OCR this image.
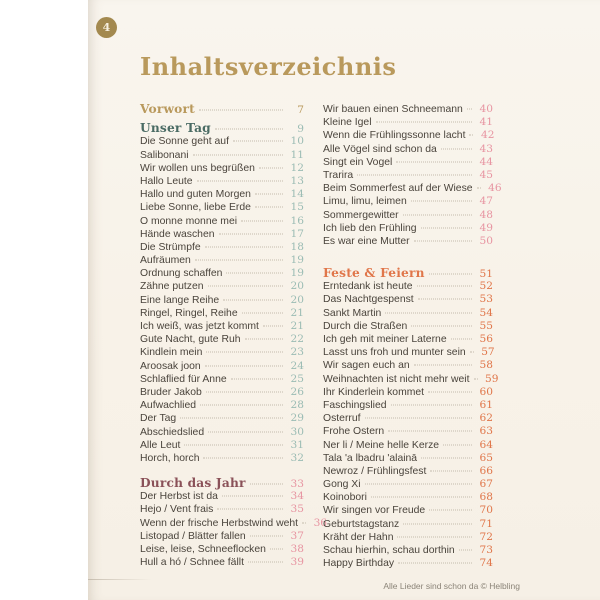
4
Inhaltsverzeichnis
Vorwort	7
Unser Tag	9
Die Sonne geht auf	10
Salibonani	11
Wir wollen uns begrüßen	12
Hallo Leute	13
Hallo und guten Morgen	14
Liebe Sonne, liebe Erde	15
O monne monne mei	16
Hände waschen	17
Die Strümpfe	18
Aufräumen	19
Ordnung schaffen	19
Zähne putzen	20
Eine lange Reihe	20
Ringel, Ringel, Reihe	21
Ich weiß, was jetzt kommt	21
Gute Nacht, gute Ruh	22
Kindlein mein	23
Aroosak joon	24
Schlaflied für Anne	25
Bruder Jakob	26
Aufwachlied	28
Der Tag	29
Abschiedslied	30
Alle Leut	31
Horch, horch	32
Durch das Jahr	33
Der Herbst ist da	34
Hejo / Vent frais	35
Wenn der frische Herbstwind weht	36
Listopad / Blätter fallen	37
Leise, leise, Schneeflocken	38
Hull a hó / Schnee fällt	39
Wir bauen einen Schneemann	40
Kleine Igel	41
Wenn die Frühlingssonne lacht	42
Alle Vögel sind schon da	43
Singt ein Vogel	44
Trarira	45
Beim Sommerfest auf der Wiese	46
Limu, limu, leimen	47
Sommergewitter	48
Ich lieb den Frühling	49
Es war eine Mutter	50
Feste & Feiern	51
Erntedank ist heute	52
Das Nachtgespenst	53
Sankt Martin	54
Durch die Straßen	55
Ich geh mit meiner Laterne	56
Lasst uns froh und munter sein	57
Wir sagen euch an	58
Weihnachten ist nicht mehr weit	59
Ihr Kinderlein kommet	60
Faschingslied	61
Osterruf	62
Frohe Ostern	63
Ner li / Meine helle Kerze	64
Tala 'a lbadru 'alainā	65
Newroz / Frühlingsfest	66
Gong Xi	67
Koinobori	68
Wir singen vor Freude	70
Geburtstagstanz	71
Kräht der Hahn	72
Schau hierhin, schau dorthin	73
Happy Birthday	74
Alle Lieder sind schon da © Helbling
